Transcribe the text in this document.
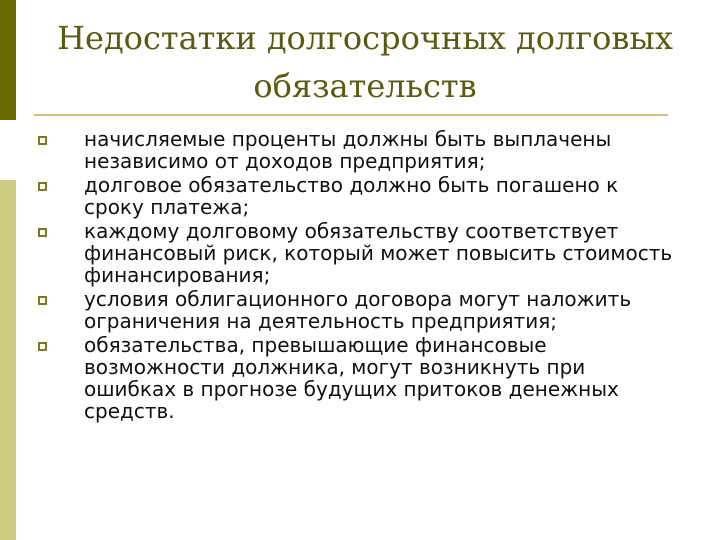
Недостатки долгосрочных долговых
обязательств
начисляемые проценты должны быть выплачены независимо от доходов предприятия;
долговое обязательство должно быть погашено к сроку платежа;
каждому долговому обязательству соответствует финансовый риск, который может повысить стоимость финансирования;
условия облигационного договора могут наложить ограничения на деятельность предприятия;
обязательства, превышающие финансовые возможности должника, могут возникнуть при ошибках в прогнозе будущих притоков денежных средств.
